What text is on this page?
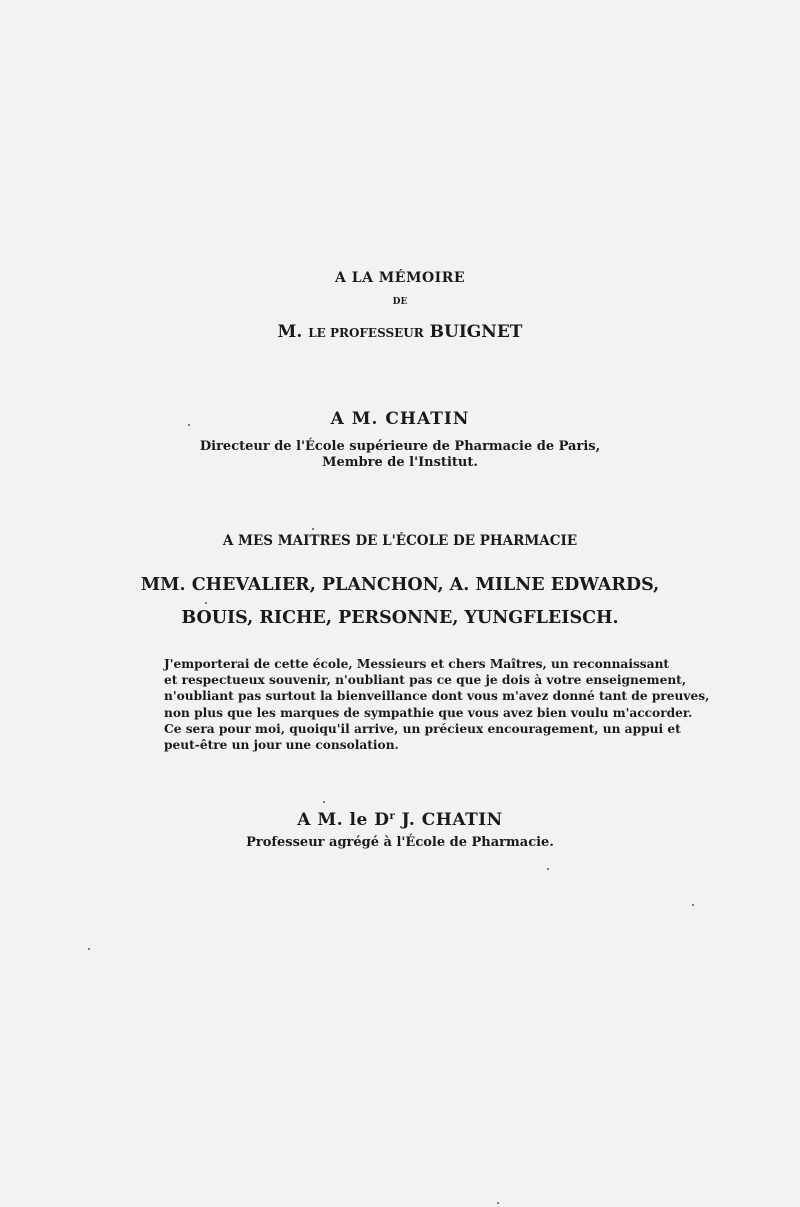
A LA MÉMOIRE
DE
M. LE PROFESSEUR BUIGNET
A M. CHATIN
Directeur de l'École supérieure de Pharmacie de Paris,
Membre de l'Institut.
A MES MAITRES DE L'ÉCOLE DE PHARMACIE
MM. CHEVALIER, PLANCHON, A. MILNE EDWARDS,
BOUIS, RICHE, PERSONNE, YUNGFLEISCH.
J'emporterai de cette école, Messieurs et chers Maîtres, un reconnaissant
et respectueux souvenir, n'oubliant pas ce que je dois à votre enseignement,
n'oubliant pas surtout la bienveillance dont vous m'avez donné tant de preuves,
non plus que les marques de sympathie que vous avez bien voulu m'accorder.
Ce sera pour moi, quoiqu'il arrive, un précieux encouragement, un appui et
peut-être un jour une consolation.
A M. le $D^r$ J. CHATIN
Professeur agrégé à l'École de Pharmacie.
